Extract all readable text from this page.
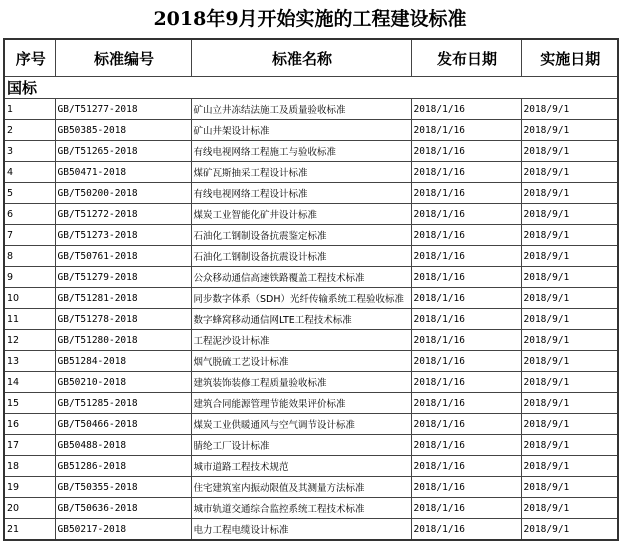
2018年9月开始实施的工程建设标准
序号	标准编号	标准名称	发布日期	实施日期
国标				
1	GB/T51277-2018	矿山立井冻结法施工及质量验收标准	2018/1/16	2018/9/1
2	GB50385-2018	矿山井架设计标准	2018/1/16	2018/9/1
3	GB/T51265-2018	有线电视网络工程施工与验收标准	2018/1/16	2018/9/1
4	GB50471-2018	煤矿瓦斯抽采工程设计标准	2018/1/16	2018/9/1
5	GB/T50200-2018	有线电视网络工程设计标准	2018/1/16	2018/9/1
6	GB/T51272-2018	煤炭工业智能化矿井设计标准	2018/1/16	2018/9/1
7	GB/T51273-2018	石油化工钢制设备抗震鉴定标准	2018/1/16	2018/9/1
8	GB/T50761-2018	石油化工钢制设备抗震设计标准	2018/1/16	2018/9/1
9	GB/T51279-2018	公众移动通信高速铁路覆盖工程技术标准	2018/1/16	2018/9/1
10	GB/T51281-2018	同步数字体系（SDH）光纤传输系统工程验收标准	2018/1/16	2018/9/1
11	GB/T51278-2018	数字蜂窝移动通信网LTE工程技术标准	2018/1/16	2018/9/1
12	GB/T51280-2018	工程泥沙设计标准	2018/1/16	2018/9/1
13	GB51284-2018	烟气脱硫工艺设计标准	2018/1/16	2018/9/1
14	GB50210-2018	建筑装饰装修工程质量验收标准	2018/1/16	2018/9/1
15	GB/T51285-2018	建筑合同能源管理节能效果评价标准	2018/1/16	2018/9/1
16	GB/T50466-2018	煤炭工业供暖通风与空气调节设计标准	2018/1/16	2018/9/1
17	GB50488-2018	腈纶工厂设计标准	2018/1/16	2018/9/1
18	GB51286-2018	城市道路工程技术规范	2018/1/16	2018/9/1
19	GB/T50355-2018	住宅建筑室内振动限值及其测量方法标准	2018/1/16	2018/9/1
20	GB/T50636-2018	城市轨道交通综合监控系统工程技术标准	2018/1/16	2018/9/1
21	GB50217-2018	电力工程电缆设计标准	2018/1/16	2018/9/1
